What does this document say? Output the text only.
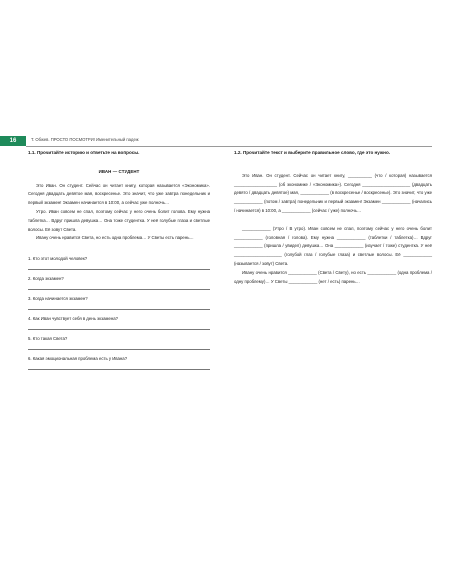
16	Т. Обжев. ПРОСТО ПОСМОТРИ! Именительный падеж
1.1. Прочитайте историю и ответьте на вопросы.
ИВАН — СТУДЕНТ

Это Иван. Он студент. Сейчас он читает книгу, которая называется «Экономика». Сегодня двадцать девятое мая, воскресенье. Это значит, что уже завтра понедельник и первый экзамен! Экзамен начинается в 10:00, а сейчас уже полночь…

Утро. Иван совсем не спал, поэтому сейчас у него очень болит голова. Ему нужна таблетка… Вдруг пришла девушка… Она тоже студентка. У неё голубые глаза и светлые волосы. Её зовут Света.

Ивану очень нравится Света, но есть одна проблема… У Светы есть парень…

1. Кто этот молодой человек?
2. Когда экзамен?
3. Когда начинается экзамен?
4. Как Иван чувствует себя в день экзамена?
5. Кто такая Света?
6. Какая эмоциональная проблема есть у Ивана?
1.2. Прочитайте текст и выберите правильное слово, где это нужно.

Это Иван. Он студент. Сейчас он читает книгу, __________ (что / которая) называется __________________ (об экономике / «Экономика»). Сегодня ____________________ (двадцать девято / двадцать девятое) мая, ____________ (в воскресенье / воскресенье). Это значит, что уже ____________ (потом / завтра) понедельник и первый экзамен! Экзамен ____________ (начались / начинается) в 10:00, а ____________ (сейчас / уже) полночь…

____________ (Утро / В утро). Иван совсем не спал, поэтому сейчас у него очень болит ____________ (головная / голова). Ему нужна ____________ (таблетки / таблетка)… Вдруг ____________ (пришла / увидел) девушка… Она ____________ (изучает / тоже) студентка. У неё ____________________ (голубой глаз / голубые глаза) и светлые волосы. Её ____________ (называется / зовут) Света.

Ивану очень нравится ____________ (Света / Свету), но есть ____________ (одна проблема / одну проблему)… У Светы ____________ (нет / есть) парень…
